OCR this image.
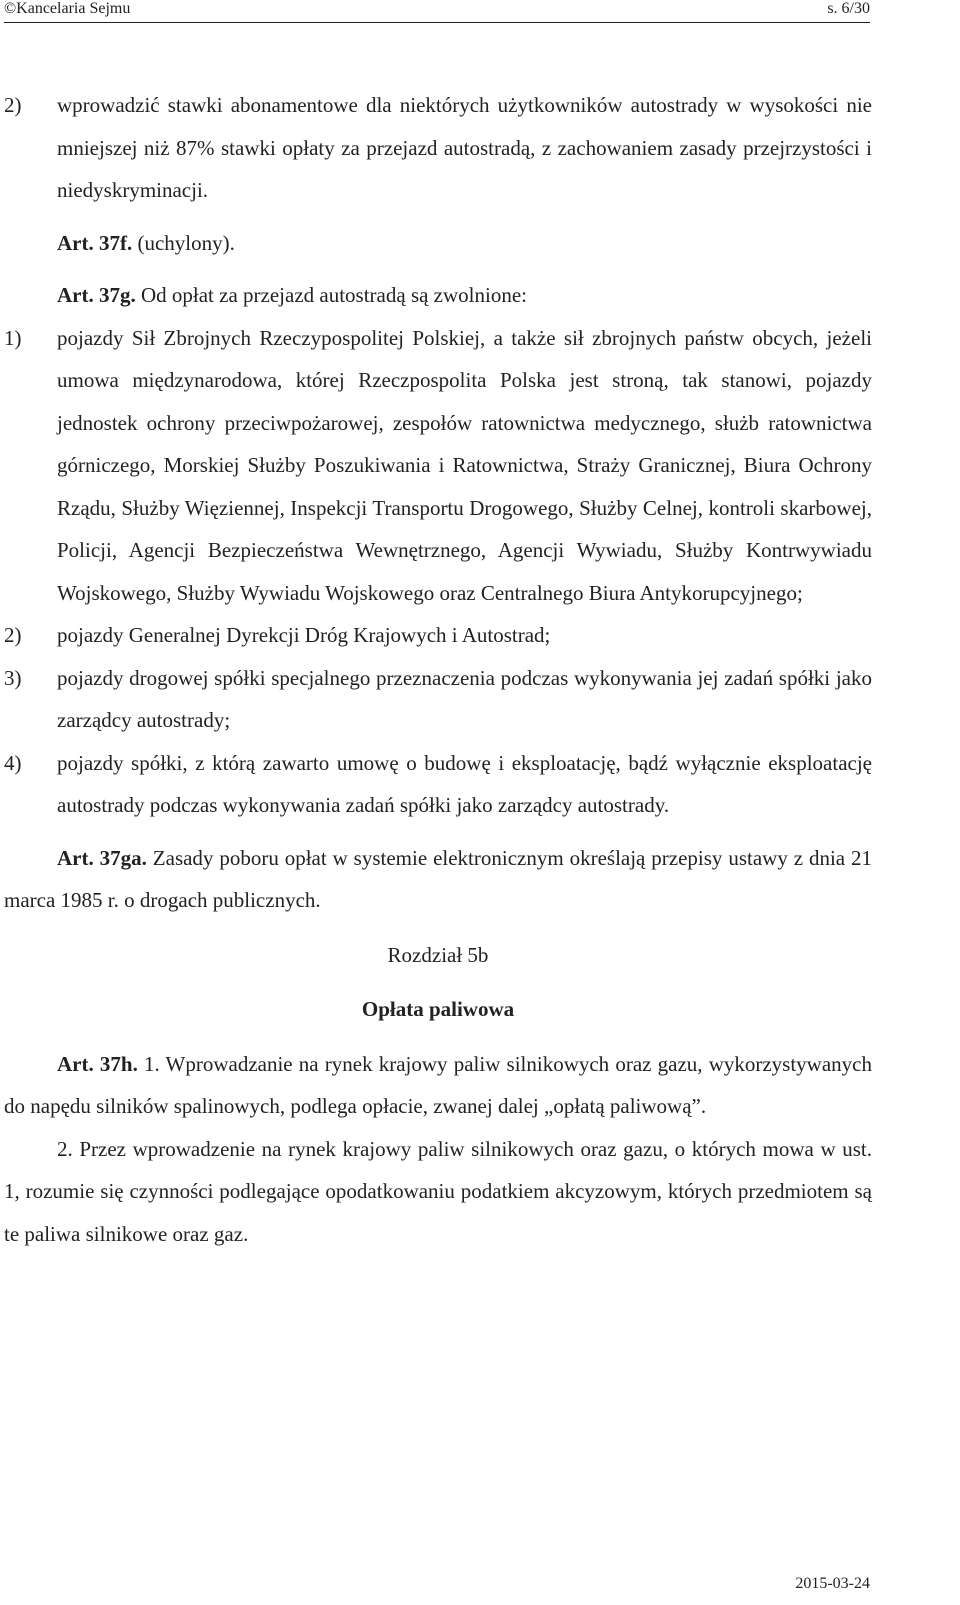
©Kancelaria Sejmu	s. 6/30
2) wprowadzić stawki abonamentowe dla niektórych użytkowników autostrady w wysokości nie mniejszej niż 87% stawki opłaty za przejazd autostradą, z zachowaniem zasady przejrzystości i niedyskryminacji.

Art. 37f. (uchylony).

Art. 37g. Od opłat za przejazd autostradą są zwolnione:

1) pojazdy Sił Zbrojnych Rzeczypospolitej Polskiej, a także sił zbrojnych państw obcych, jeżeli umowa międzynarodowa, której Rzeczpospolita Polska jest stroną, tak stanowi, pojazdy jednostek ochrony przeciwpożarowej, zespołów ratownictwa medycznego, służb ratownictwa górniczego, Morskiej Służby Poszukiwania i Ratownictwa, Straży Granicznej, Biura Ochrony Rządu, Służby Więziennej, Inspekcji Transportu Drogowego, Służby Celnej, kontroli skarbowej, Policji, Agencji Bezpieczeństwa Wewnętrznego, Agencji Wywiadu, Służby Kontrwywiadu Wojskowego, Służby Wywiadu Wojskowego oraz Centralnego Biura Antykorupcyjnego;
2) pojazdy Generalnej Dyrekcji Dróg Krajowych i Autostrad;
3) pojazdy drogowej spółki specjalnego przeznaczenia podczas wykonywania jej zadań spółki jako zarządcy autostrady;
4) pojazdy spółki, z którą zawarto umowę o budowę i eksploatację, bądź wyłącznie eksploatację autostrady podczas wykonywania zadań spółki jako zarządcy autostrady.

Art. 37ga. Zasady poboru opłat w systemie elektronicznym określają przepisy ustawy z dnia 21 marca 1985 r. o drogach publicznych.

Rozdział 5b

Opłata paliwowa

Art. 37h. 1. Wprowadzanie na rynek krajowy paliw silnikowych oraz gazu, wykorzystywanych do napędu silników spalinowych, podlega opłacie, zwanej dalej „opłatą paliwową”.

2. Przez wprowadzenie na rynek krajowy paliw silnikowych oraz gazu, o których mowa w ust. 1, rozumie się czynności podlegające opodatkowaniu podatkiem akcyzowym, których przedmiotem są te paliwa silnikowe oraz gaz.

2015-03-24
